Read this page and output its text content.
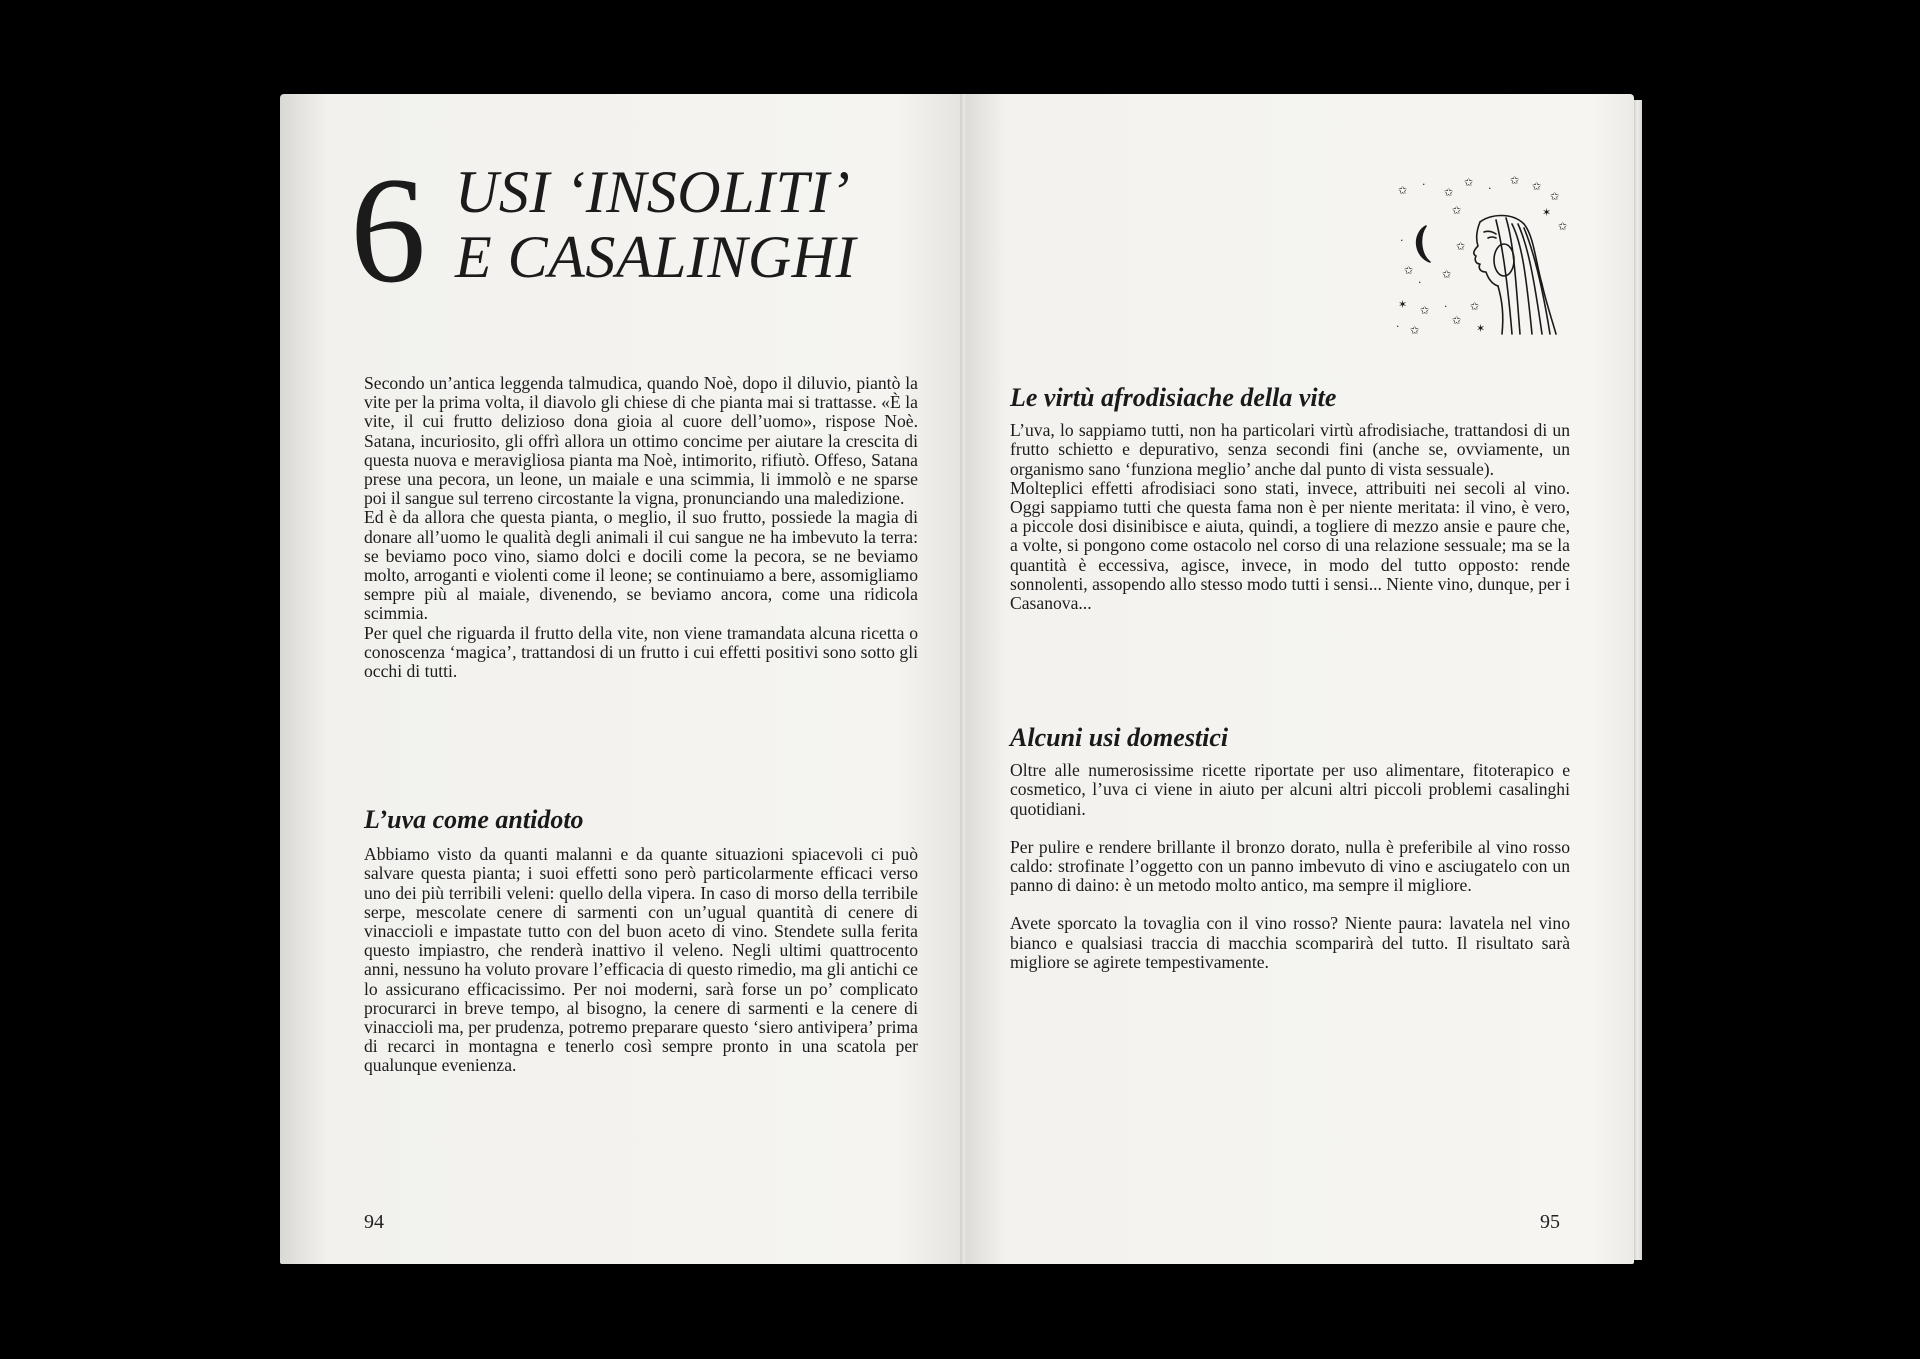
6 USI ‘INSOLITI’
E CASALINGHI

Secondo un’antica leggenda talmudica, quando Noè, dopo il diluvio, piantò la vite per la prima volta, il diavolo gli chiese di che pianta mai si trattasse. «È la vite, il cui frutto delizioso dona gioia al cuore dell’uomo», rispose Noè. Satana, incuriosito, gli offrì allora un ottimo concime per aiutare la crescita di questa nuova e meravigliosa pianta ma Noè, intimorito, rifiutò. Offeso, Satana prese una pecora, un leone, un maiale e una scimmia, li immolò e ne sparse poi il sangue sul terreno circostante la vigna, pronunciando una maledizione.

Ed è da allora che questa pianta, o meglio, il suo frutto, possiede la magia di donare all’uomo le qualità degli animali il cui sangue ne ha imbevuto la terra: se beviamo poco vino, siamo dolci e docili come la pecora, se ne beviamo molto, arroganti e violenti come il leone; se continuiamo a bere, assomigliamo sempre più al maiale, divenendo, se beviamo ancora, come una ridicola scimmia.

Per quel che riguarda il frutto della vite, non viene tramandata alcuna ricetta o conoscenza ‘magica’, trattandosi di un frutto i cui effetti positivi sono sotto gli occhi di tutti.

L’uva come antidoto

Abbiamo visto da quanti malanni e da quante situazioni spiacevoli ci può salvare questa pianta; i suoi effetti sono però particolarmente efficaci verso uno dei più terribili veleni: quello della vipera. In caso di morso della terribile serpe, mescolate cenere di sarmenti con un’ugual quantità di cenere di vinaccioli e impastate tutto con del buon aceto di vino. Stendete sulla ferita questo impiastro, che renderà inattivo il veleno. Negli ultimi quattrocento anni, nessuno ha voluto provare l’efficacia di questo rimedio, ma gli antichi ce lo assicurano efficacissimo. Per noi moderni, sarà forse un po’ complicato procurarci in breve tempo, al bisogno, la cenere di sarmenti e la cenere di vinaccioli ma, per prudenza, potremo preparare questo ‘siero antivipera’ prima di recarci in montagna e tenerlo così sempre pronto in una scatola per qualunque evenienza.

94
✩ ·
✩
✩ ·
✩ ✩
✩
✩	✶
✩
·
✩
·
✩
✶ ✩
· ✩
·
✩
✩
✶
✩
Le virtù afrodisiache della vite

L’uva, lo sappiamo tutti, non ha particolari virtù afrodisiache, trattandosi di un frutto schietto e depurativo, senza secondi fini (anche se, ovviamente, un organismo sano ‘funziona meglio’ anche dal punto di vista sessuale).

Molteplici effetti afrodisiaci sono stati, invece, attribuiti nei secoli al vino. Oggi sappiamo tutti che questa fama non è per niente meritata: il vino, è vero, a piccole dosi disinibisce e aiuta, quindi, a togliere di mezzo ansie e paure che, a volte, si pongono come ostacolo nel corso di una relazione sessuale; ma se la quantità è eccessiva, agisce, invece, in modo del tutto opposto: rende sonnolenti, assopendo allo stesso modo tutti i sensi... Niente vino, dunque, per i Casanova...

Alcuni usi domestici

Oltre alle numerosissime ricette riportate per uso alimentare, fitoterapico e cosmetico, l’uva ci viene in aiuto per alcuni altri piccoli problemi casalinghi quotidiani.

Per pulire e rendere brillante il bronzo dorato, nulla è preferibile al vino rosso caldo: strofinate l’oggetto con un panno imbevuto di vino e asciugatelo con un panno di daino: è un metodo molto antico, ma sempre il migliore.

Avete sporcato la tovaglia con il vino rosso? Niente paura: lavatela nel vino bianco e qualsiasi traccia di macchia scomparirà del tutto. Il risultato sarà migliore se agirete tempestivamente.

95
